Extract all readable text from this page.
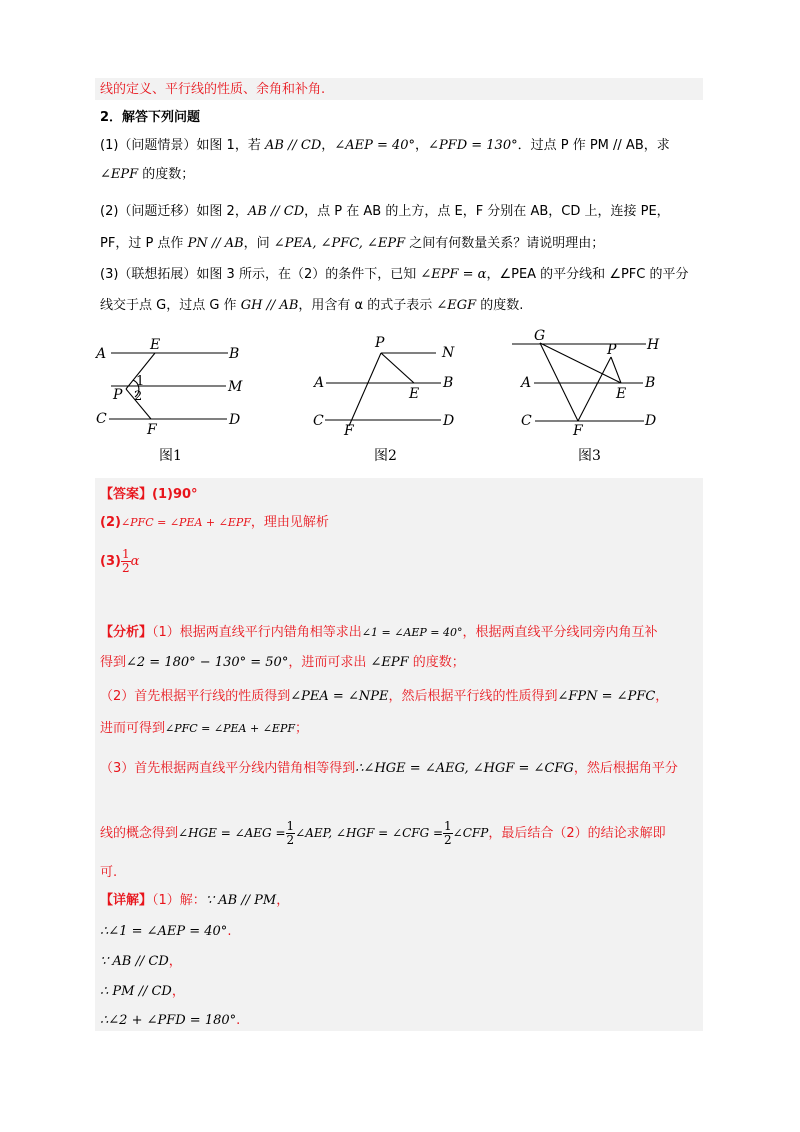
线的定义、平行线的性质、余角和补角.
2．解答下列问题
(1)（问题情景）如图 1，若 AB // CD，∠AEP = 40°，∠PFD = 130°．过点 P 作 PM // AB，求
∠EPF 的度数；
(2)（问题迁移）如图 2，AB // CD，点 P 在 AB 的上方，点 E，F 分别在 AB，CD 上，连接 PE，
PF，过 P 点作 PN // AB，问 ∠PEA, ∠PFC, ∠EPF 之间有何数量关系？请说明理由；
(3)（联想拓展）如图 3 所示，在（2）的条件下，已知 ∠EPF = α，∠PEA 的平分线和 ∠PFC 的平分
线交于点 G，过点 G 作 GH // AB，用含有 α 的式子表示 ∠EGF 的度数.
A	B
E
1	M
P 2
C	D
F
图1
P
N
A	B
E
C	D
F
图2
G
H
P
A	B
E
C	D
F
图3
【答案】(1)90°
(2)∠PFC = ∠PEA + ∠EPF，理由见解析
$(3) \frac{1}{2}$ α
【分析】（1）根据两直线平行内错角相等求出∠1 = ∠AEP = 40°，根据两直线平分线同旁内角互补
得到∠2 = 180° − 130° = 50°，进而可求出 ∠EPF 的度数；
（2）首先根据平行线的性质得到∠PEA = ∠NPE，然后根据平行线的性质得到∠FPN = ∠PFC，
进而可得到∠PFC = ∠PEA + ∠EPF；
（3）首先根据两直线平分线内错角相等得到∴∠HGE = ∠AEG, ∠HGF = ∠CFG，然后根据角平分
线的概念得到∠HGE = ∠AEG = $\frac{1}{2}$ ∠AEP, ∠HGF = ∠CFG = $\frac{1}{2}$ ∠CFP，最后结合（2）的结论求解即
可.
【详解】（1）解：∵ AB // PM，
∴∠1 = ∠AEP = 40°.
∵ AB // CD，
∴ PM // CD，
∴∠2 + ∠PFD = 180°.
